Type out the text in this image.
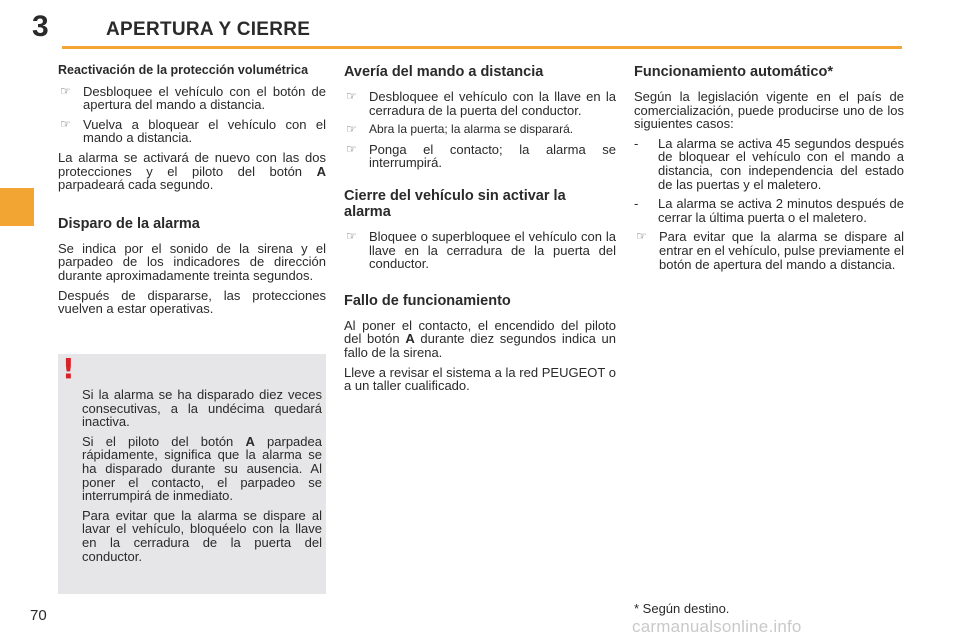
3	APERTURA Y CIERRE
Reactivación de la protección volumétrica
☞ Desbloquee el vehículo con el botón de apertura del mando a distancia.
☞ Vuelva a bloquear el vehículo con el mando a distancia.

La alarma se activará de nuevo con las dos protecciones y el piloto del botón A parpadeará cada segundo.

Disparo de la alarma

Se indica por el sonido de la sirena y el parpadeo de los indicadores de dirección durante aproximadamente treinta segundos.

Después de dispararse, las protecciones vuelven a estar operativas.

!

Si la alarma se ha disparado diez veces consecutivas, a la undécima quedará inactiva.

Si el piloto del botón A parpadea rápidamente, significa que la alarma se ha disparado durante su ausencia. Al poner el contacto, el parpadeo se interrumpirá de inmediato.

Para evitar que la alarma se dispare al lavar el vehículo, bloquéelo con la llave en la cerradura de la puerta del conductor.

Avería del mando a distancia
☞ Desbloquee el vehículo con la llave en la cerradura de la puerta del conductor.
☞ Abra la puerta; la alarma se disparará.
☞ Ponga el contacto; la alarma se interrumpirá.
Cierre del vehículo sin activar la alarma
☞ Bloquee o superbloquee el vehículo con la llave en la cerradura de la puerta del conductor.
Fallo de funcionamiento

Al poner el contacto, el encendido del piloto del botón A durante diez segundos indica un fallo de la sirena.

Lleve a revisar el sistema a la red PEUGEOT o a un taller cualificado.

Funcionamiento automático*

Según la legislación vigente en el país de comercialización, puede producirse uno de los siguientes casos:

- La alarma se activa 45 segundos después de bloquear el vehículo con el mando a distancia, con independencia del estado de las puertas y el maletero.
- La alarma se activa 2 minutos después de cerrar la última puerta o el maletero.
☞ Para evitar que la alarma se dispare al entrar en el vehículo, pulse previamente el botón de apertura del mando a distancia.
* Según destino.
70
carmanualsonline.info
